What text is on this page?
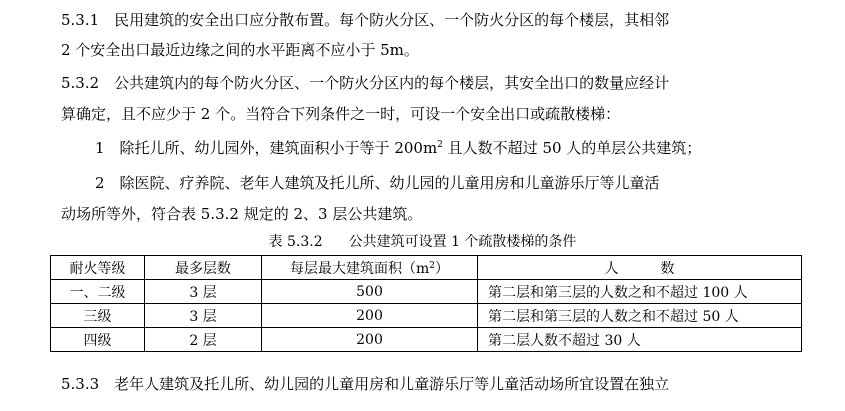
5.3.1　民用建筑的安全出口应分散布置。每个防火分区、一个防火分区的每个楼层，其相邻
2 个安全出口最近边缘之间的水平距离不应小于 5m。
5.3.2　公共建筑内的每个防火分区、一个防火分区内的每个楼层，其安全出口的数量应经计
算确定，且不应少于 2 个。当符合下列条件之一时，可设一个安全出口或疏散楼梯：
1　除托儿所、幼儿园外，建筑面积小于等于 $200m^2$ 且人数不超过 50 人的单层公共建筑；
2　除医院、疗养院、老年人建筑及托儿所、幼儿园的儿童用房和儿童游乐厅等儿童活
动场所等外，符合表 5.3.2 规定的 2、3 层公共建筑。
表 5.3.2 公共建筑可设置 1 个疏散楼梯的条件
耐火等级	最多层数	每层最大建筑面积$(m^2)$	人　　　数
一、二级	3 层	500	第二层和第三层的人数之和不超过 100 人
三级	3 层	200	第二层和第三层的人数之和不超过 50 人
四级	2 层	200	第二层人数不超过 30 人
5.3.3　老年人建筑及托儿所、幼儿园的儿童用房和儿童游乐厅等儿童活动场所宜设置在独立
